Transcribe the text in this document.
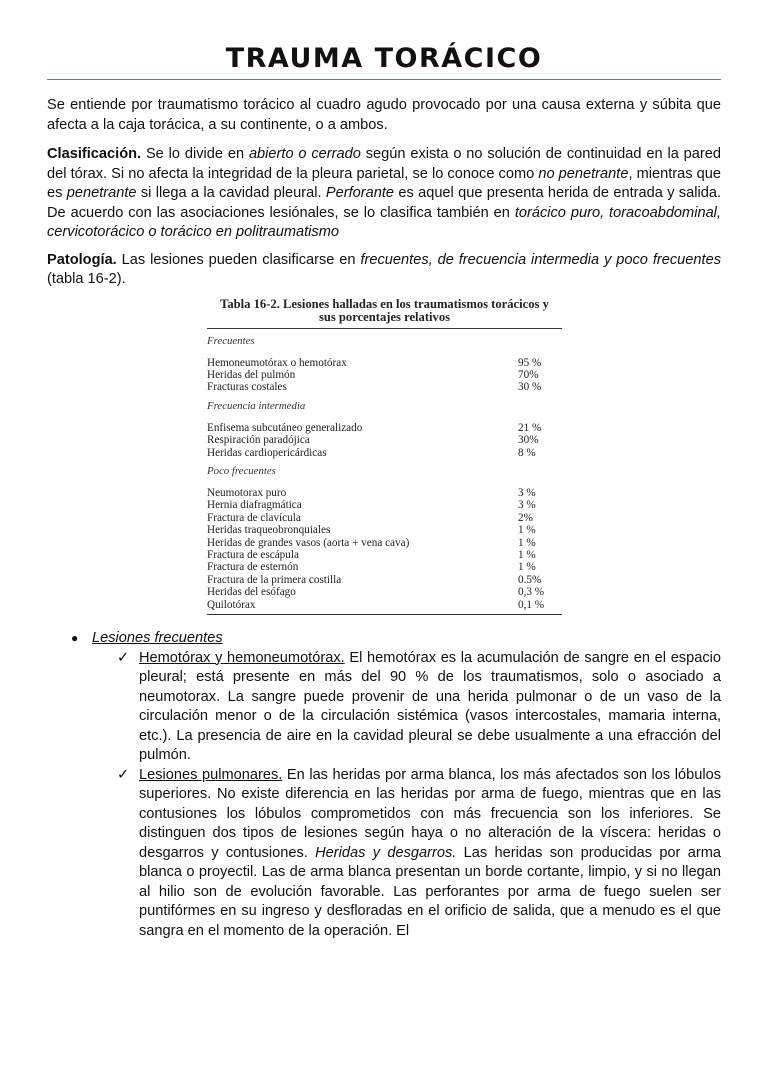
TRAUMA TORÁCICO

Se entiende por traumatismo torácico al cuadro agudo provocado por una causa externa y súbita que afecta a la caja torácica, a su continente, o a ambos.

Clasificación. Se lo divide en abierto o cerrado según exista o no solución de continuidad en la pared del tórax. Si no afecta la integridad de la pleura parietal, se lo conoce como no penetrante, mientras que es penetrante si llega a la cavidad pleural. Perforante es aquel que presenta herida de entrada y salida. De acuerdo con las asociaciones lesiónales, se lo clasifica también en torácico puro, toracoabdominal, cervicotorácico o torácico en politraumatismo

Patología. Las lesiones pueden clasificarse en frecuentes, de frecuencia intermedia y poco frecuentes (tabla 16-2).

Tabla 16-2. Lesiones halladas en los traumatismos torácicos y
sus porcentajes relativos
Frecuentes
Hemoneumotórax o hemotórax	95 %
Heridas del pulmón	70%
Fracturas costales	30 %
Frecuencia intermedia
Enfisema subcutáneo generalizado	21 %
Respiración paradójica	30%
Heridas cardiopericárdicas	8 %
Poco frecuentes
Neumotorax puro	3 %
Hernia diafragmática	3 %
Fractura de clavícula	2%
Heridas traqueobronquiales	1 %
Heridas de grandes vasos (aorta + vena cava)	1 %
Fractura de escápula	1 %
Fractura de esternón	1 %
Fractura de la primera costilla	0.5%
Heridas del esófago	0,3 %
Quilotórax	0,1 %
● Lesiones frecuentes
✓ Hemotórax y hemoneumotórax. El hemotórax es la acumulación de sangre en el espacio pleural; está presente en más del 90 % de los traumatismos, solo o asociado a neumotorax. La sangre puede provenir de una herida pulmonar o de un vaso de la circulación menor o de la circulación sistémica (vasos intercostales, mamaria interna, etc.). La presencia de aire en la cavidad pleural se debe usualmente a una efracción del pulmón.

✓ Lesiones pulmonares. En las heridas por arma blanca, los más afectados son los lóbulos superiores. No existe diferencia en las heridas por arma de fuego, mientras que en las contusiones los lóbulos comprometidos con más frecuencia son los inferiores. Se distinguen dos tipos de lesiones según haya o no alteración de la víscera: heridas o desgarros y contusiones. Heridas y desgarros. Las heridas son producidas por arma blanca o proyectil. Las de arma blanca presentan un borde cortante, limpio, y si no llegan al hilio son de evolución favorable. Las perforantes por arma de fuego suelen ser puntifórmes en su ingreso y desfloradas en el orificio de salida, que a menudo es el que sangra en el momento de la operación. El
